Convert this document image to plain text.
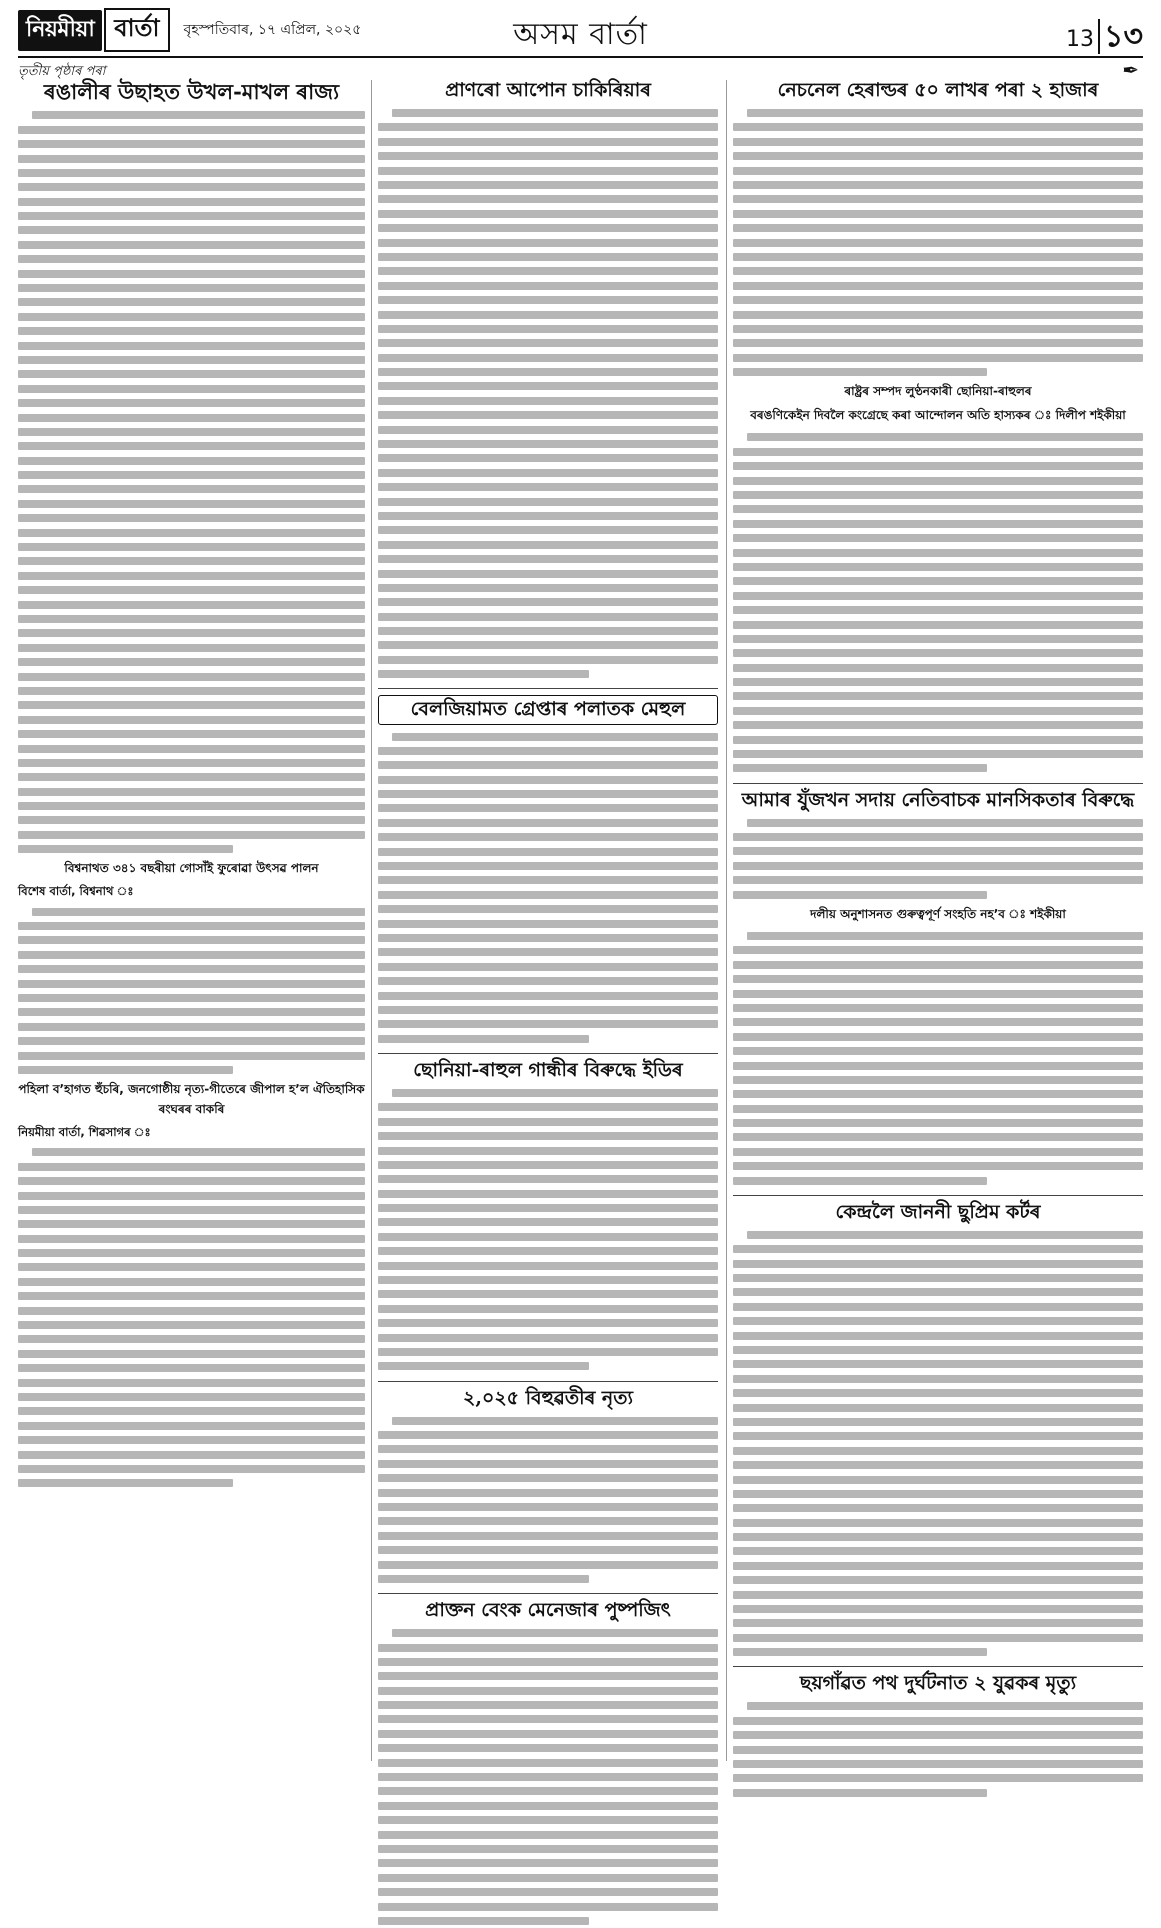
নিয়মীয়া বাৰ্তা	বৃহস্পতিবাৰ, ১৭ এপ্ৰিল, ২০২৫	অসম বাৰ্তা	13 ১৩
তৃতীয় পৃষ্ঠাৰ পৰা	✒
ৰঙালীৰ উছাহত উখল-মাখল ৰাজ্য
বিশ্বনাথত ৩৪১ বছৰীয়া গোসাঁই ফুৰোৱা উৎসৱ পালন
বিশেষ বাৰ্তা, বিশ্বনাথ ঃ
পহিলা বʼহাগত হুঁচৰি, জনগোষ্ঠীয় নৃত্য-গীতেৰে জীপাল হʼল ঐতিহাসিক ৰংঘৰৰ বাকৰি
নিয়মীয়া বাৰ্তা, শিৱসাগৰ ঃ
প্ৰাণৰো আপোন চাকিৰিয়াৰ
বেলজিয়ামত গ্ৰেপ্তাৰ পলাতক মেহুল
ছোনিয়া-ৰাহুল গান্ধীৰ বিৰুদ্ধে ইডিৰ
২,০২৫ বিহুৱতীৰ নৃত্য
প্ৰাক্তন বেংক মেনেজাৰ পুষ্পজিৎ
নেচনেল হেৰাল্ডৰ ৫০ লাখৰ পৰা ২ হাজাৰ
ৰাষ্ট্ৰৰ সম্পদ লুণ্ঠনকাৰী ছোনিয়া-ৰাহুলৰ
বৰঙণিকেইন দিবলৈ কংগ্ৰেছে কৰা আন্দোলন অতি হাস্যকৰ ঃ দিলীপ শইকীয়া
আমাৰ যুঁজখন সদায় নেতিবাচক মানসিকতাৰ বিৰুদ্ধে
দলীয় অনুশাসনত গুৰুত্বপূৰ্ণ সংহতি নহʼব ঃ শইকীয়া
কেন্দ্ৰলৈ জাননী ছুপ্ৰিম কৰ্টৰ
ছয়গাঁৱত পথ দুৰ্ঘটনাত ২ যুৱকৰ মৃত্যু
